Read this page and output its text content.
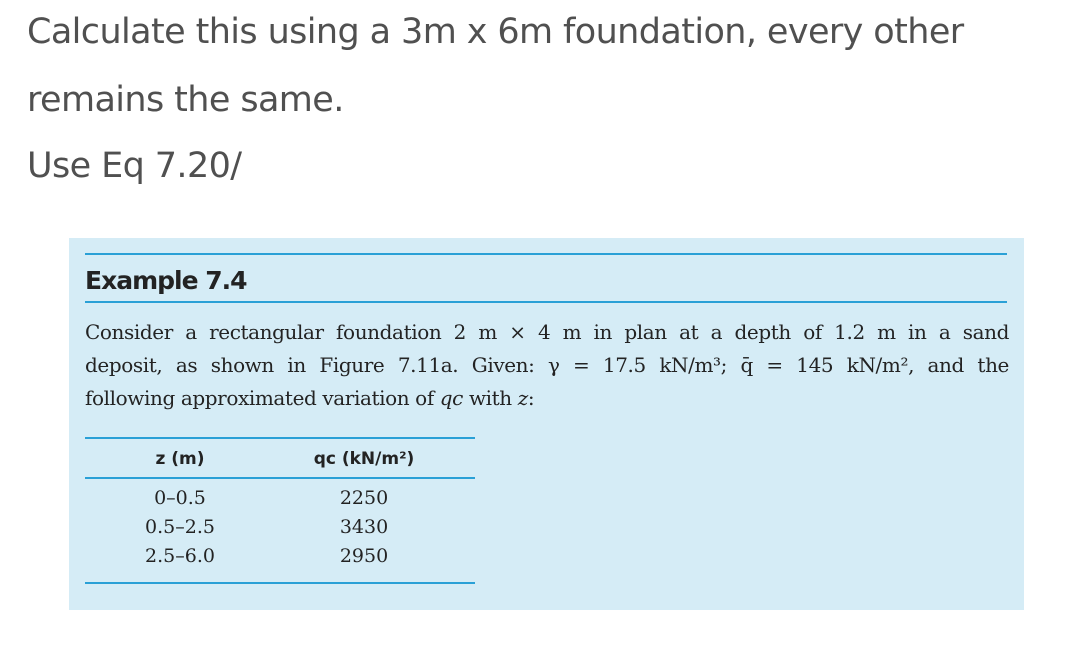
Calculate this using a 3m x 6m foundation, every other
remains the same.
Use Eq 7.20/
Example 7.4
Consider a rectangular foundation 2 m × 4 m in plan at a depth of 1.2 m in a sand
deposit, as shown in Figure 7.11a. Given: γ = 17.5 kN/m³; q̄ = 145 kN/m², and the
following approximated variation of qc with z:
z (m)	qc (kN/m²)
0–0.5	2250
0.5–2.5	3430
2.5–6.0	2950
